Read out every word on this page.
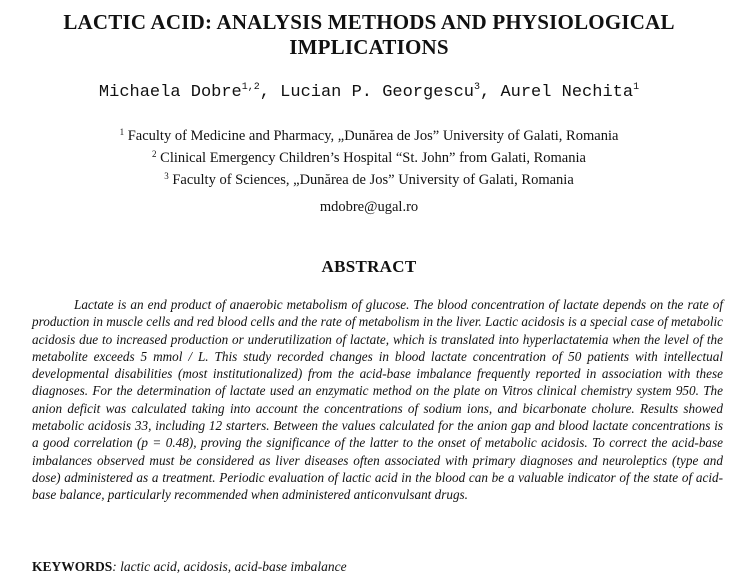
LACTIC ACID: ANALYSIS METHODS AND PHYSIOLOGICAL
IMPLICATIONS
Michaela Dobre$^{1,2}$, Lucian P. Georgescu$^3$, Aurel Nechita$^1$
$^1$ Faculty of Medicine and Pharmacy, „Dunărea de Jos” University of Galati, Romania
$^2$ Clinical Emergency Children’s Hospital “St. John” from Galati, Romania
$^3$ Faculty of Sciences, „Dunărea de Jos” University of Galati, Romania
mdobre@ugal.ro
ABSTRACT
Lactate is an end product of anaerobic metabolism of glucose. The blood concentration of lactate depends on the rate of production in muscle cells and red blood cells and the rate of metabolism in the liver. Lactic acidosis is a special case of metabolic acidosis due to increased production or underutilization of lactate, which is translated into hyperlactatemia when the level of the metabolite exceeds 5 mmol / L. This study recorded changes in blood lactate concentration of 50 patients with intellectual developmental disabilities (most institutionalized) from the acid-base imbalance frequently reported in association with these diagnoses. For the determination of lactate used an enzymatic method on the plate on Vitros clinical chemistry system 950. The anion deficit was calculated taking into account the concentrations of sodium ions, and bicarbonate cholure. Results showed metabolic acidosis 33, including 12 starters. Between the values calculated for the anion gap and blood lactate concentrations is a good correlation (p = 0.48), proving the significance of the latter to the onset of metabolic acidosis. To correct the acid-base imbalances observed must be considered as liver diseases often associated with primary diagnoses and neuroleptics (type and dose) administered as a treatment. Periodic evaluation of lactic acid in the blood can be a valuable indicator of the state of acid-base balance, particularly recommended when administered anticonvulsant drugs.
KEYWORDS: lactic acid, acidosis, acid-base imbalance
